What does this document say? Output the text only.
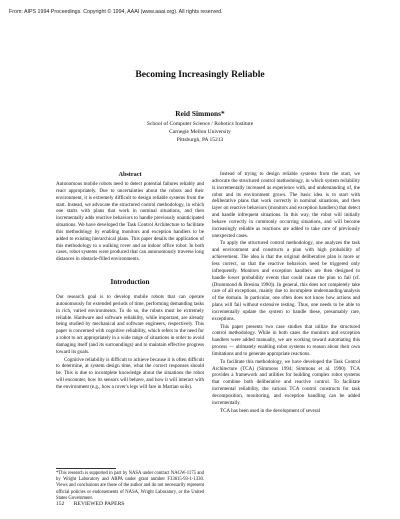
From: AIPS 1994 Proceedings. Copyright © 1994, AAAI (www.aaai.org). All rights reserved.
Becoming Increasingly Reliable
Reid Simmons*
School of Computer Science / Robotics Institute
Carnegie Mellon University
Pittsburgh, PA 15213
Abstract

Autonomous mobile robots need to detect potential failures reliably and react appropriately. Due to uncertainties about the robots and their environment, it is extremely difficult to design reliable systems from the start. Instead, we advocate the structured control methodology, in which one starts with plans that work in nominal situations, and then incrementally adds reactive behaviors to handle previously unanticipated situations. We have developed the Task Control Architecture to facilitate this methodology by enabling monitors and exception handlers to be added to existing hierarchical plans. This paper details the application of this methodology to a walking rover and an indoor office robot. In both cases, robot systems were produced that can autonomously traverse long distances in obstacle-filled environments.

Introduction

Our research goal is to develop mobile robots that can operate autonomously for extended periods of time, performing demanding tasks in rich, varied environments. To do so, the robots must be extremely reliable. Hardware and software reliability, while important, are already being studied by mechanical and software engineers, respectively. This paper is concerned with cognitive reliability, which refers to the need for a robot to act appropriately in a wide range of situations in order to avoid damaging itself (and its surroundings) and to maintain effective progress toward its goals.

Cognitive reliability is difficult to achieve because it is often difficult to determine, at system design time, what the correct responses should be. This is due to incomplete knowledge about the situations the robot will encounter, how its sensors will behave, and how it will interact with the environment (e.g., how a rover's legs will fare in Martian soils).

*This research is supported in part by NASA under contract NAGW-1175 and by Wright Laboratory and ARPA under grant number F33615-93-1-1330. Views and conclusions are those of the author and do not necessarily represent official policies or endorsements of NASA, Wright Laboratory, or the United States Government.

Instead of trying to design reliable systems from the start, we advocate the structured control methodology, in which system reliability is incrementally increased as experience with, and understanding of, the robot and its environment grows. The basic idea is to start with deliberative plans that work correctly in nominal situations, and then layer on reactive behaviors (monitors and exception handlers) that detect and handle infrequent situations. In this way, the robot will initially behave correctly in commonly occurring situations, and will become increasingly reliable as reactions are added to take care of previously unexpected cases.

To apply the structured control methodology, one analyzes the task and environment and constructs a plan with high probability of achievement. The idea is that the original deliberative plan is more or less correct, so that the reactive behaviors need be triggered only infrequently. Monitors and exception handlers are then designed to handle lower probability events that could cause the plan to fail (cf. (Drummond & Bresina 1990)). In general, this does not completely take care of all exceptions, mainly due to incomplete understanding/analysis of the domain. In particular, one often does not know how actions and plans will fail without extensive testing. Thus, one needs to be able to incrementally update the system to handle these, presumably rare, exceptions.

This paper presents two case studies that utilize the structured control methodology. While in both cases the monitors and exception handlers were added manually, we are working toward automating this process — ultimately enabling robot systems to reason about their own limitations and to generate appropriate reactions.

To facilitate this methodology, we have developed the Task Control Architecture (TCA) (Simmons 1994; Simmons et al. 1990). TCA provides a framework and utilities for building complex robot systems that combine both deliberative and reactive control. To facilitate incremental reliability, the various TCA control constructs for task decomposition, monitoring, and exception handling can be added incrementally.

TCA has been used in the development of several

152 REVIEWED PAPERS
